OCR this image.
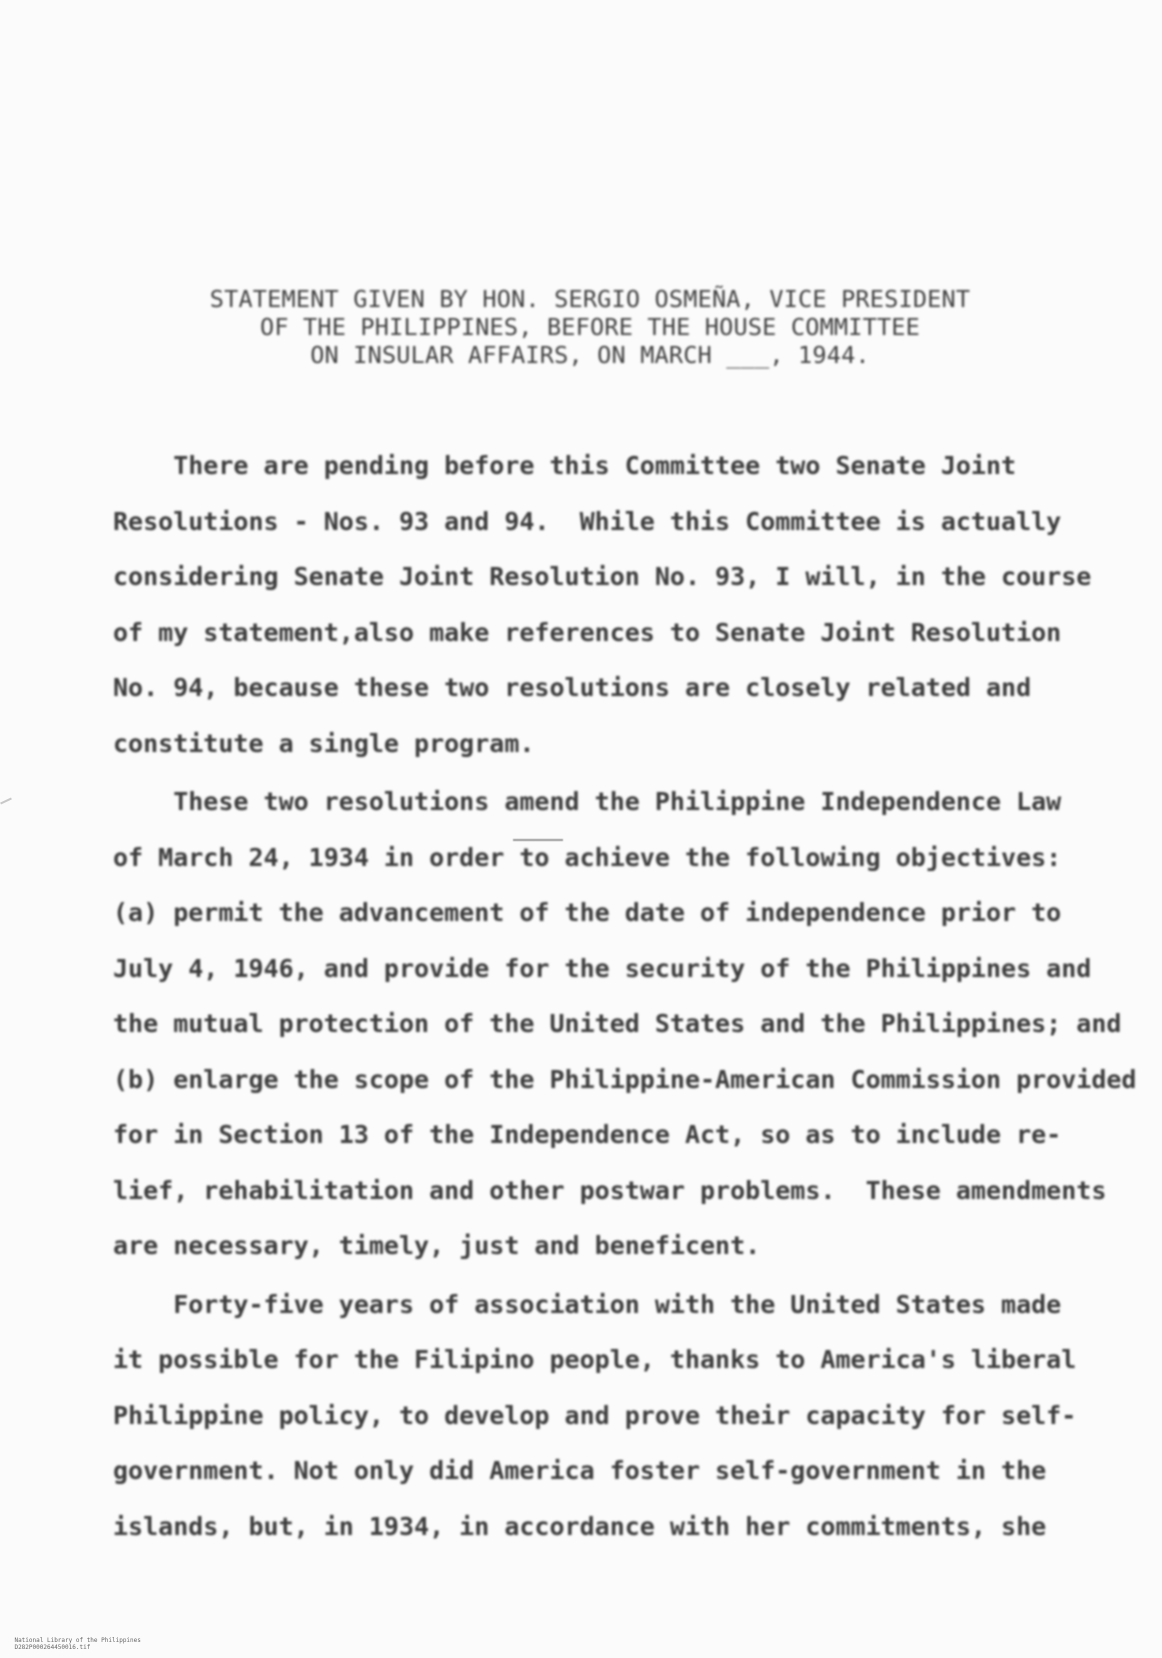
STATEMENT GIVEN BY HON. SERGIO OSMEÑA, VICE PRESIDENT
OF THE PHILIPPINES, BEFORE THE HOUSE COMMITTEE
ON INSULAR AFFAIRS, ON MARCH ___, 1944.
There are pending before this Committee two Senate Joint
Resolutions - Nos. 93 and 94.  While this Committee is actually
considering Senate Joint Resolution No. 93, I will, in the course
of my statement,also make references to Senate Joint Resolution
No. 94, because these two resolutions are closely related and
constitute a single program.
These two resolutions amend the Philippine Independence Law
of March 24, 1934 in order to achieve the following objectives:
(a) permit the advancement of the date of independence prior to
July 4, 1946, and provide for the security of the Philippines and
the mutual protection of the United States and the Philippines; and
(b) enlarge the scope of the Philippine-American Commission provided
for in Section 13 of the Independence Act, so as to include re-
lief, rehabilitation and other postwar problems.  These amendments
are necessary, timely, just and beneficent.
Forty-five years of association with the United States made
it possible for the Filipino people, thanks to America's liberal
Philippine policy, to develop and prove their capacity for self-
government. Not only did America foster self-government in the
islands, but, in 1934, in accordance with her commitments, she

National Library of the Philippines
D282P000264450016.tif
